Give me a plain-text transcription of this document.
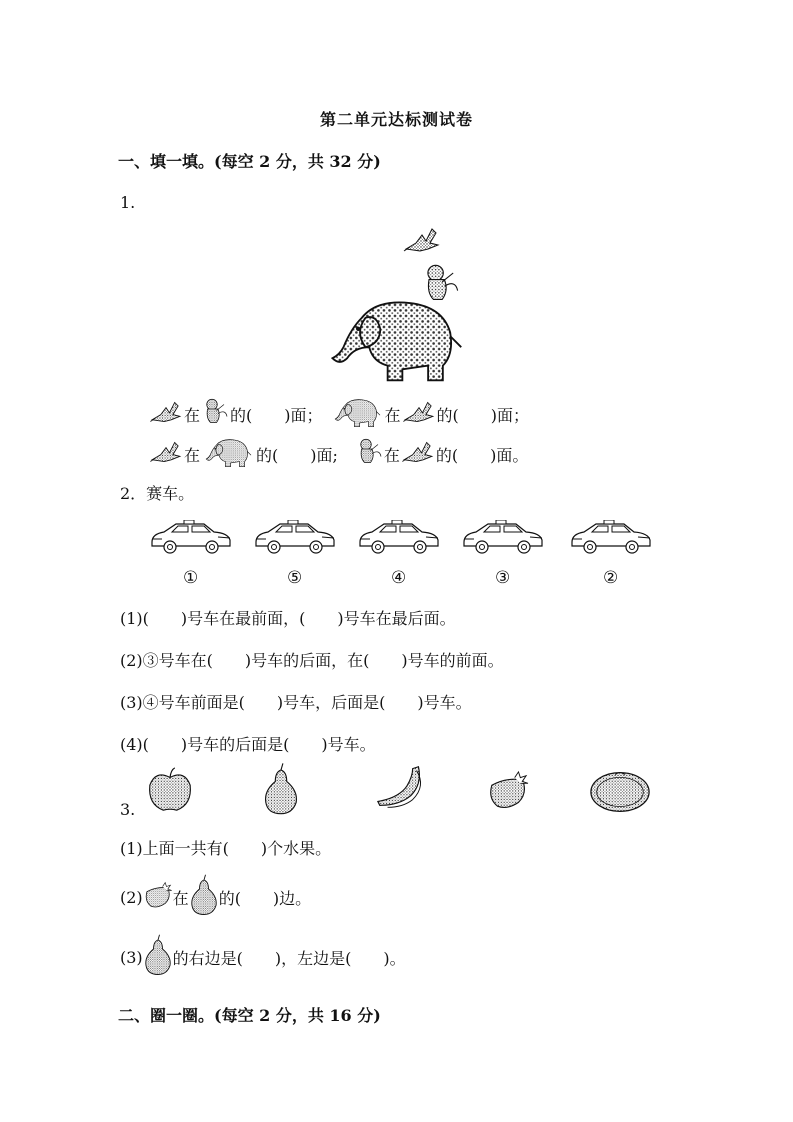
第二单元达标测试卷
一、填一填。(每空 2 分，共 32 分)
1.
在 的(　　)面；	在 的(　　)面；
在	的(　　)面;	在 的(　　)面。
2．赛车。
①	⑤	④	③	②
(1)(　　)号车在最前面，(　　)号车在最后面。
(2)③号车在(　　)号车的后面，在(　　)号车的前面。
(3)④号车前面是(　　)号车，后面是(　　)号车。
(4)(　　)号车的后面是(　　)号车。
3.
(1)上面一共有(　　)个水果。
(2) 在 的(　　)边。
(3) 的右边是(　　)，左边是(　　)。
二、圈一圈。(每空 2 分，共 16 分)
